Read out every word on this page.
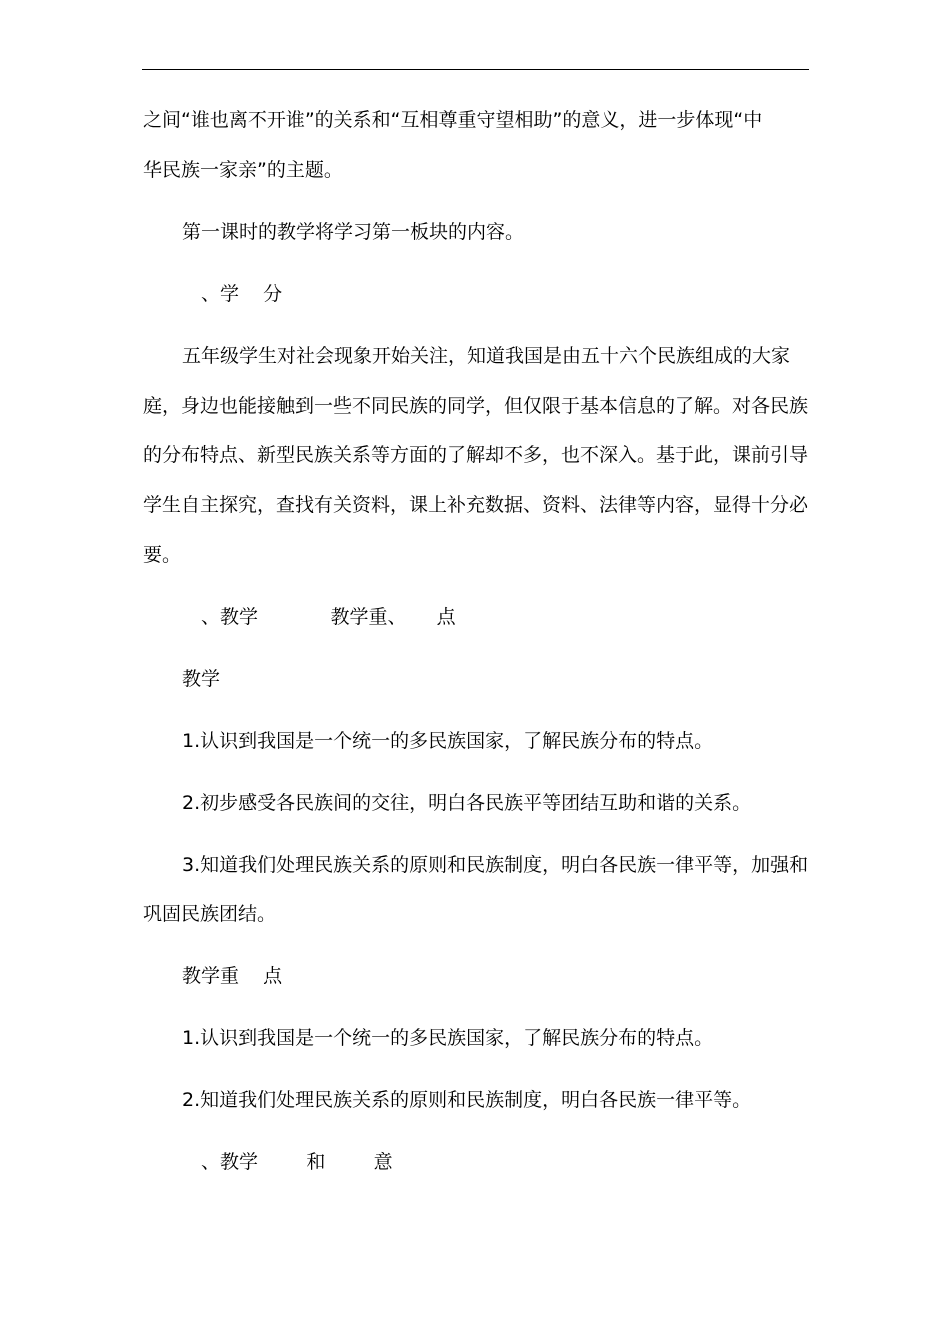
之间“谁也离不开谁”的关系和“互相尊重守望相助”的意义，进一步体现“中
华民族一家亲”的主题。
第一课时的教学将学习第一板块的内容。
、学    分
五年级学生对社会现象开始关注，知道我国是由五十六个民族组成的大家
庭，身边也能接触到一些不同民族的同学，但仅限于基本信息的了解。对各民族
的分布特点、新型民族关系等方面的了解却不多，也不深入。基于此，课前引导
学生自主探究，查找有关资料，课上补充数据、资料、法律等内容，显得十分必
要。
、教学            教学重、     点
教学
1.认识到我国是一个统一的多民族国家，了解民族分布的特点。
2.初步感受各民族间的交往，明白各民族平等团结互助和谐的关系。
3.知道我们处理民族关系的原则和民族制度，明白各民族一律平等，加强和
巩固民族团结。
教学重    点
1.认识到我国是一个统一的多民族国家，了解民族分布的特点。
2.知道我们处理民族关系的原则和民族制度，明白各民族一律平等。
、教学        和        意
